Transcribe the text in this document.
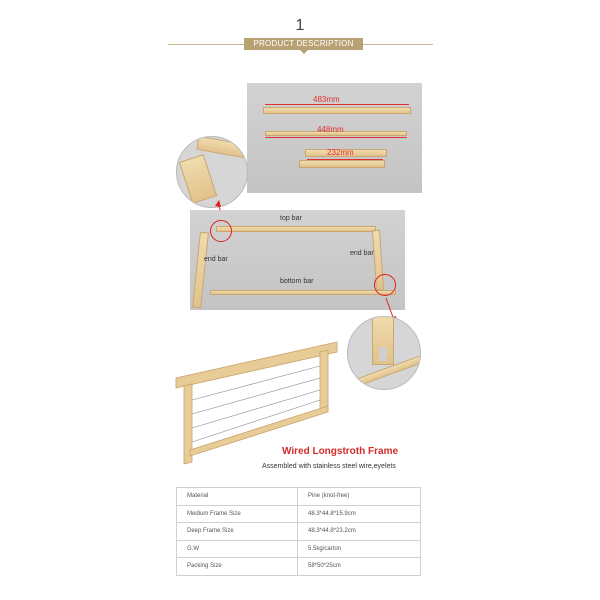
1
PRODUCT DESCRIPTION
483mm
448mm
232mm
top bar
end bar
end bar
bottom bar
Wired Longstroth Frame
Assembled with stainless steel wire,eyelets
Material	Pine (knot-free)
Medium Frame Size	48.3*44.8*15.9cm
Deep Frame Size	48.3*44.8*23.2cm
G.W	5.5kg/carton
Packing Size	58*50*25cm
